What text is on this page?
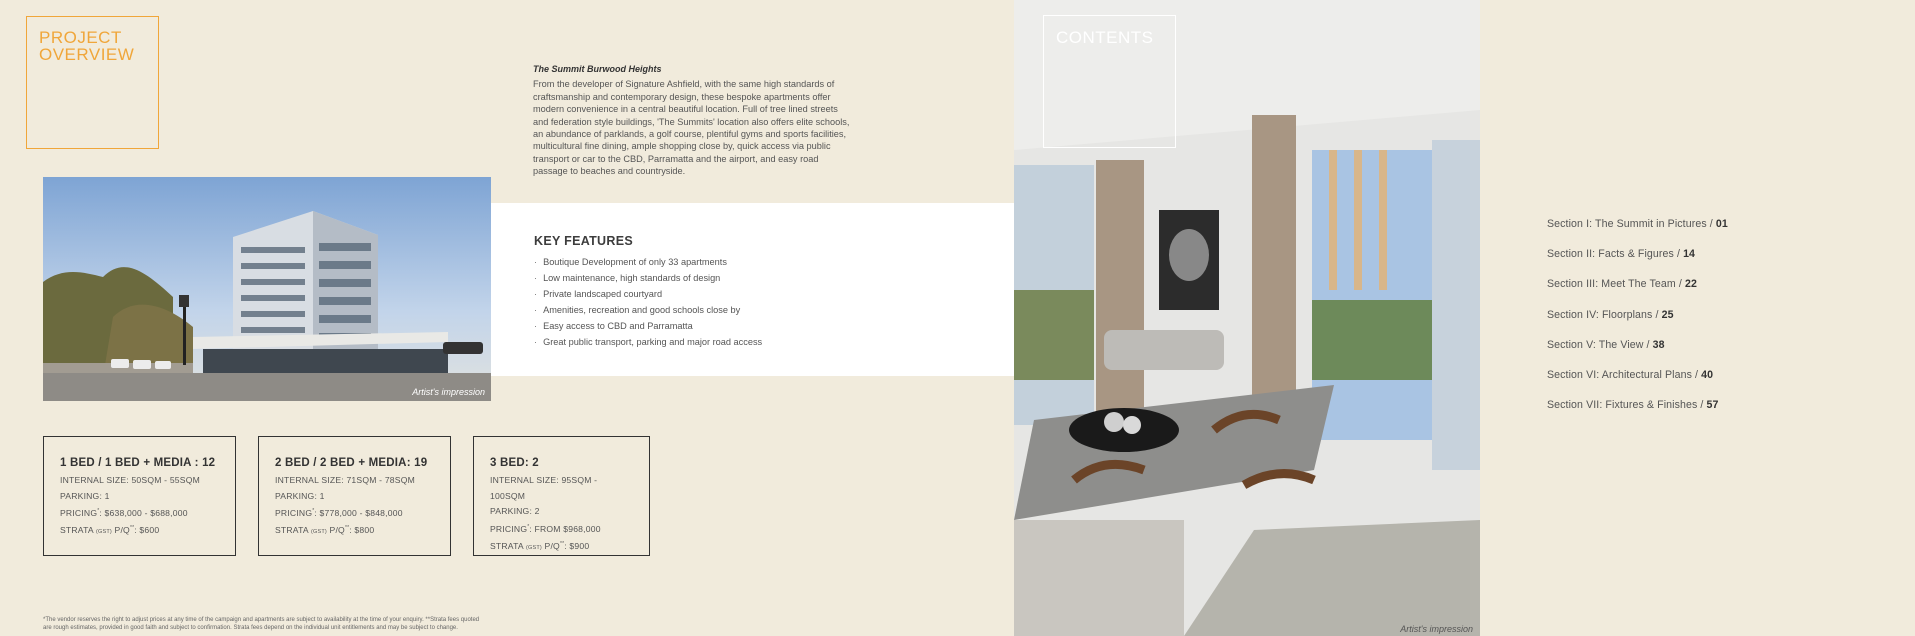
PROJECT
OVERVIEW
The Summit Burwood Heights

From the developer of Signature Ashfield, with the same high standards of craftsmanship and contemporary design, these bespoke apartments offer modern convenience in a central beautiful location. Full of tree lined streets and federation style buildings, 'The Summits' location also offers elite schools, an abundance of parklands, a golf course, plentiful gyms and sports facilities, multicultural fine dining, ample shopping close by, quick access via public transport or car to the CBD, Parramatta and the airport, and easy road passage to beaches and countryside.

Artist's impression
KEY FEATURES
· Boutique Development of only 33 apartments
· Low maintenance, high standards of design
· Private landscaped courtyard
· Amenities, recreation and good schools close by
· Easy access to CBD and Parramatta
· Great public transport, parking and major road access
1 BED / 1 BED + MEDIA : 12
INTERNAL SIZE: 50SQM - 55SQM
PARKING: 1
PRICING*: $638,000 - $688,000
STRATA (GST) P/Q**: $600
2 BED / 2 BED + MEDIA: 19
INTERNAL SIZE: 71SQM - 78SQM
PARKING: 1
PRICING*: $778,000 - $848,000
STRATA (GST) P/Q**: $800
3 BED: 2
INTERNAL SIZE: 95SQM - 100SQM
PARKING: 2
PRICING*: FROM $968,000
STRATA (GST) P/Q**: $900
*The vendor reserves the right to adjust prices at any time of the campaign and apartments are subject to availability at the time of your enquiry. **Strata fees quoted
are rough estimates, provided in good faith and subject to confirmation. Strata fees depend on the individual unit entitlements and may be subject to change.	Artist's impression
CONTENTS
Section I: The Summit in Pictures / 01
Section II: Facts & Figures / 14
Section III: Meet The Team / 22
Section IV: Floorplans / 25
Section V: The View / 38
Section VI: Architectural Plans / 40
Section VII: Fixtures & Finishes / 57
